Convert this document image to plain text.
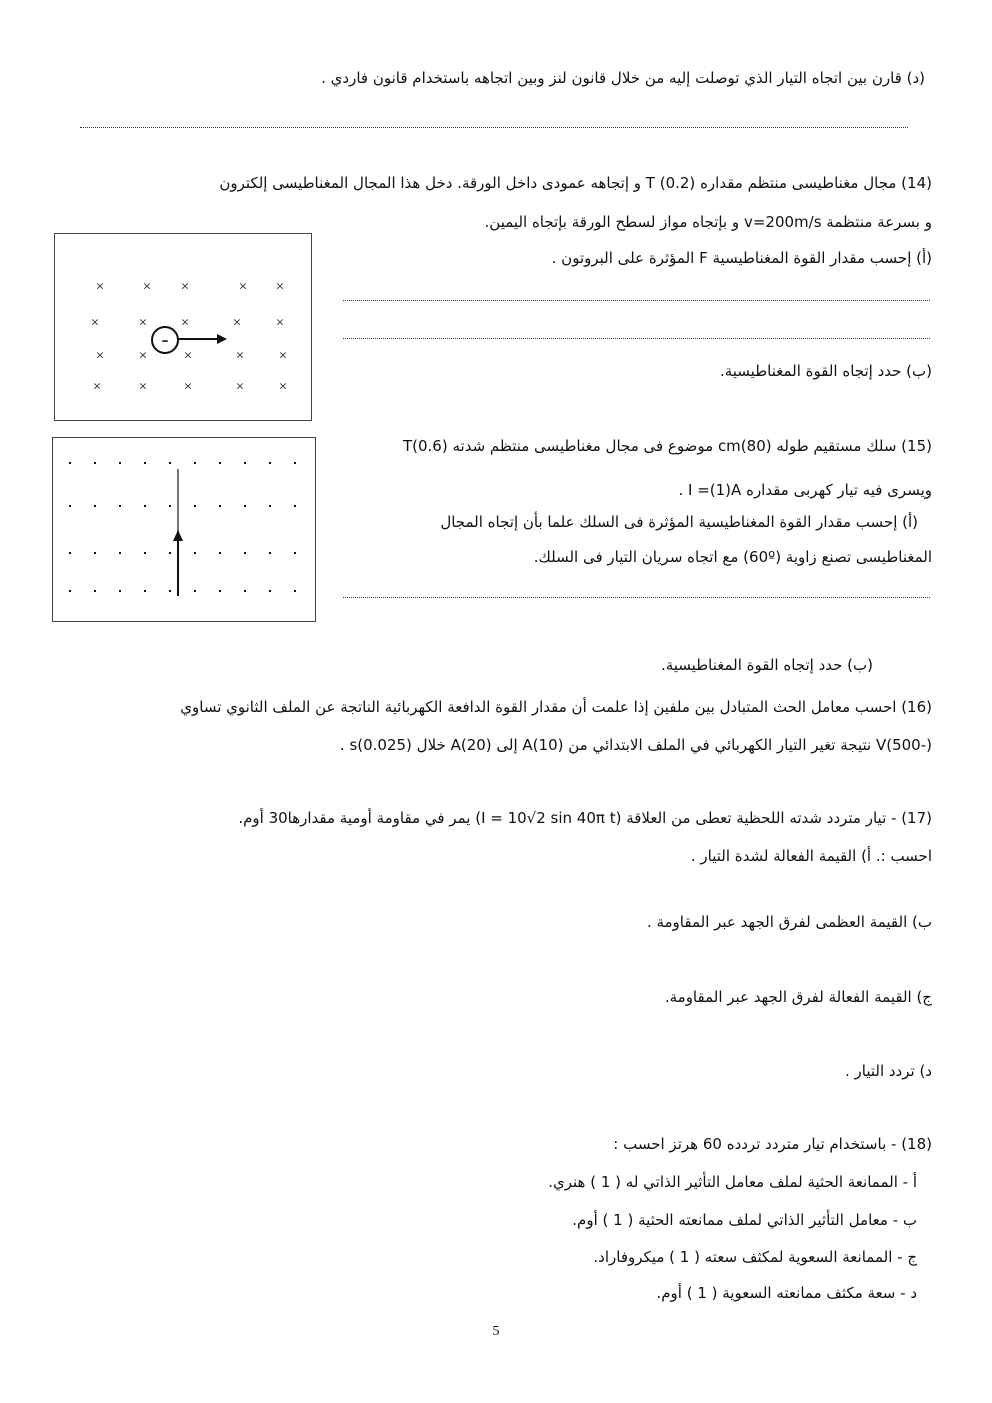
(د) قارن بين اتجاه التيار الذي توصلت إليه من خلال قانون لنز وبين اتجاهه باستخدام قانون فاردي .
(14) مجال مغناطيسى منتظم مقداره T (0.2) و إتجاهه عمودى داخل الورقة. دخل هذا المجال المغناطيسى إلكترون
و بسرعة منتظمة v=200m/s و بإتجاه مواز لسطح الورقة بإتجاه اليمين.
(أ) إحسب مقدار القوة المغناطيسية F المؤثرة على البروتون .
(ب) حدد إتجاه القوة المغناطيسية.
–
×	×	×	×	×
×	×	×	×	×
×	×	×	×	×
×	×	×	×	×
(15) سلك مستقيم طوله cm(80) موضوع فى مجال مغناطيسى منتظم شدته T(0.6)
ويسرى فيه تيار كهربى مقداره I =(1)A .
(أ) إحسب مقدار القوة المغناطيسية المؤثرة فى السلك علما بأن إتجاه المجال
المغناطيسى تصنع زاوية (60º) مع اتجاه سريان التيار فى السلك.
(ب) حدد إتجاه القوة المغناطيسية.
(16) احسب معامل الحث المتبادل بين ملفين إذا علمت أن مقدار القوة الدافعة الكهربائية الناتجة عن الملف الثانوي تساوي
V(500-) نتيجة تغير التيار الكهربائي في الملف الابتدائي من A(10) إلى A(20) خلال s(0.025) .
(17) - تيار متردد شدته اللحظية تعطى من العلاقة (I = 10√2 sin 40π t) يمر في مقاومة أومية مقدارها30 أوم.
احسب :. أ) القيمة الفعالة لشدة التيار .
ب) القيمة العظمى لفرق الجهد عبر المقاومة .
ج) القيمة الفعالة لفرق الجهد عبر المقاومة.
د) تردد التيار .
(18) - باستخدام تيار متردد تردده 60 هرتز احسب :
أ - الممانعة الحثية لملف معامل التأثير الذاتي له ( 1 ) هنري.
ب - معامل التأثير الذاتي لملف ممانعته الحثية ( 1 ) أوم.
ج - الممانعة السعوية لمكثف سعته ( 1 ) ميكروفاراد.
د - سعة مكثف ممانعته السعوية ( 1 ) أوم.
5
